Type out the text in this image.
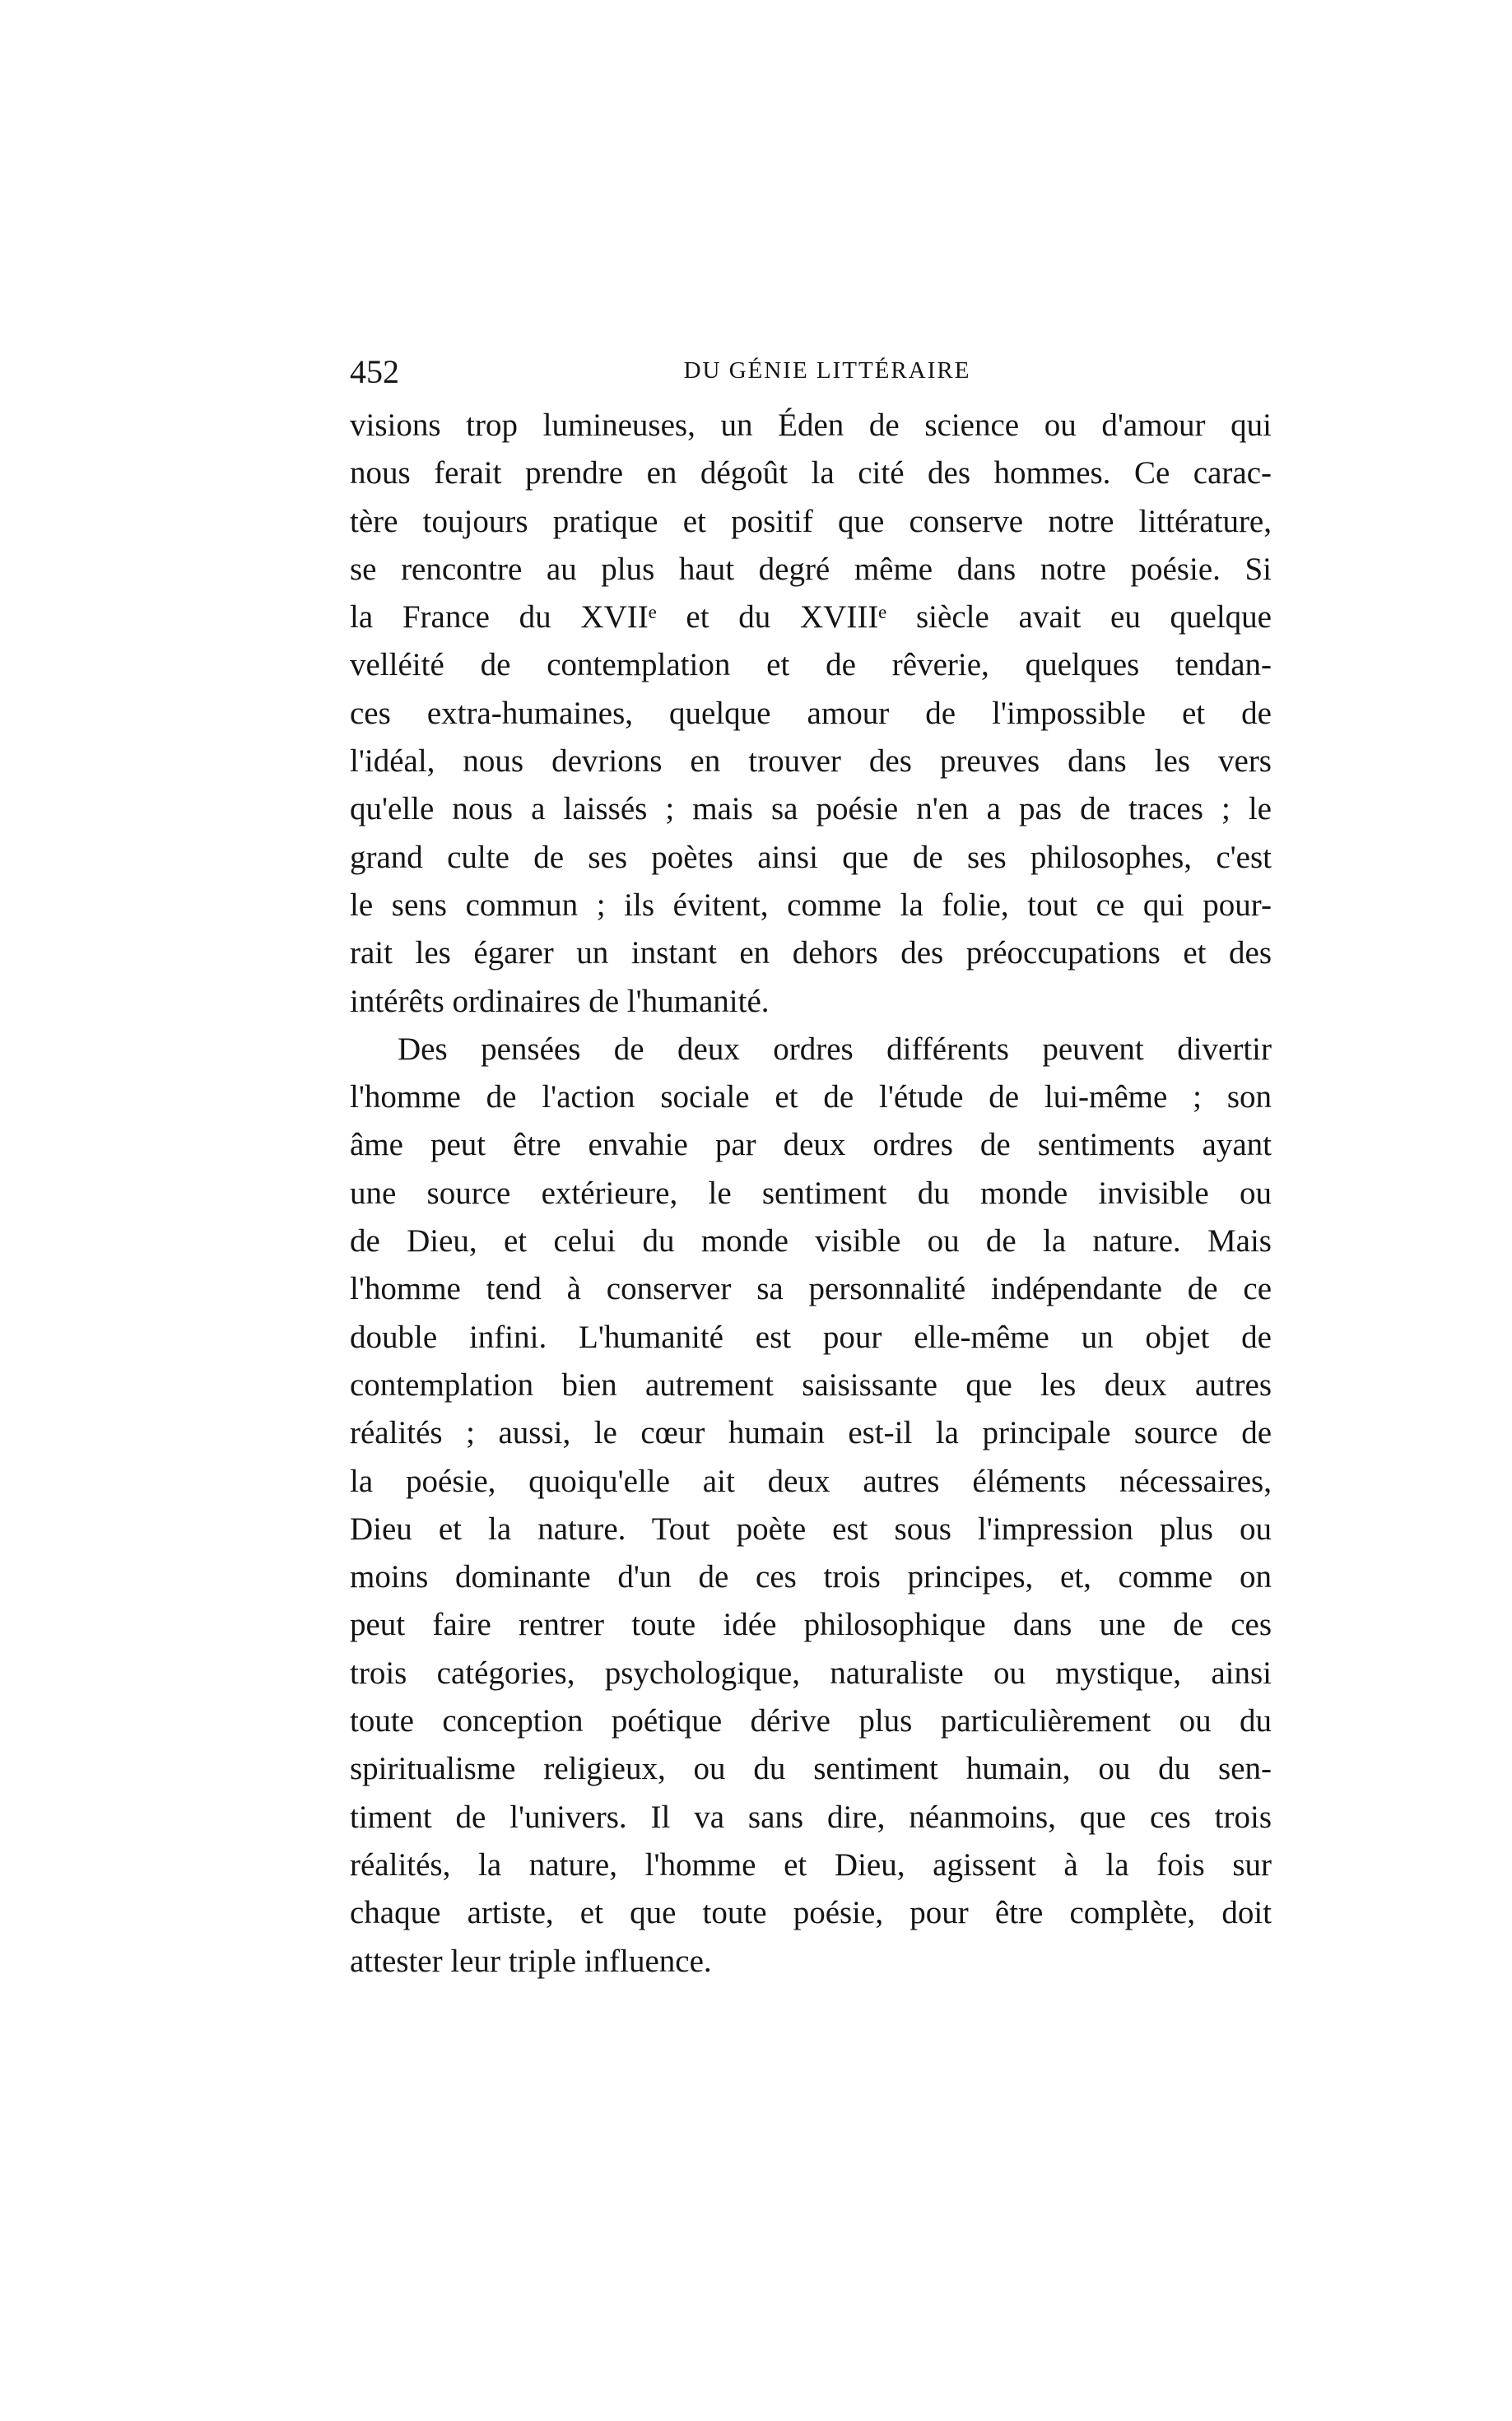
452	DU GÉNIE LITTÉRAIRE
visions trop lumineuses, un Éden de science ou d'amour qui
nous ferait prendre en dégoût la cité des hommes. Ce carac-
tère toujours pratique et positif que conserve notre littérature,
se rencontre au plus haut degré même dans notre poésie. Si
la France du XVIIᵉ et du XVIIIᵉ siècle avait eu quelque
velléité de contemplation et de rêverie, quelques tendan-
ces extra-humaines, quelque amour de l'impossible et de
l'idéal, nous devrions en trouver des preuves dans les vers
qu'elle nous a laissés ; mais sa poésie n'en a pas de traces ; le
grand culte de ses poètes ainsi que de ses philosophes, c'est
le sens commun ; ils évitent, comme la folie, tout ce qui pour-
rait les égarer un instant en dehors des préoccupations et des
intérêts ordinaires de l'humanité.
Des pensées de deux ordres différents peuvent divertir
l'homme de l'action sociale et de l'étude de lui-même ; son
âme peut être envahie par deux ordres de sentiments ayant
une source extérieure, le sentiment du monde invisible ou
de Dieu, et celui du monde visible ou de la nature. Mais
l'homme tend à conserver sa personnalité indépendante de ce
double infini. L'humanité est pour elle-même un objet de
contemplation bien autrement saisissante que les deux autres
réalités ; aussi, le cœur humain est-il la principale source de
la poésie, quoiqu'elle ait deux autres éléments nécessaires,
Dieu et la nature. Tout poète est sous l'impression plus ou
moins dominante d'un de ces trois principes, et, comme on
peut faire rentrer toute idée philosophique dans une de ces
trois catégories, psychologique, naturaliste ou mystique, ainsi
toute conception poétique dérive plus particulièrement ou du
spiritualisme religieux, ou du sentiment humain, ou du sen-
timent de l'univers. Il va sans dire, néanmoins, que ces trois
réalités, la nature, l'homme et Dieu, agissent à la fois sur
chaque artiste, et que toute poésie, pour être complète, doit
attester leur triple influence.
